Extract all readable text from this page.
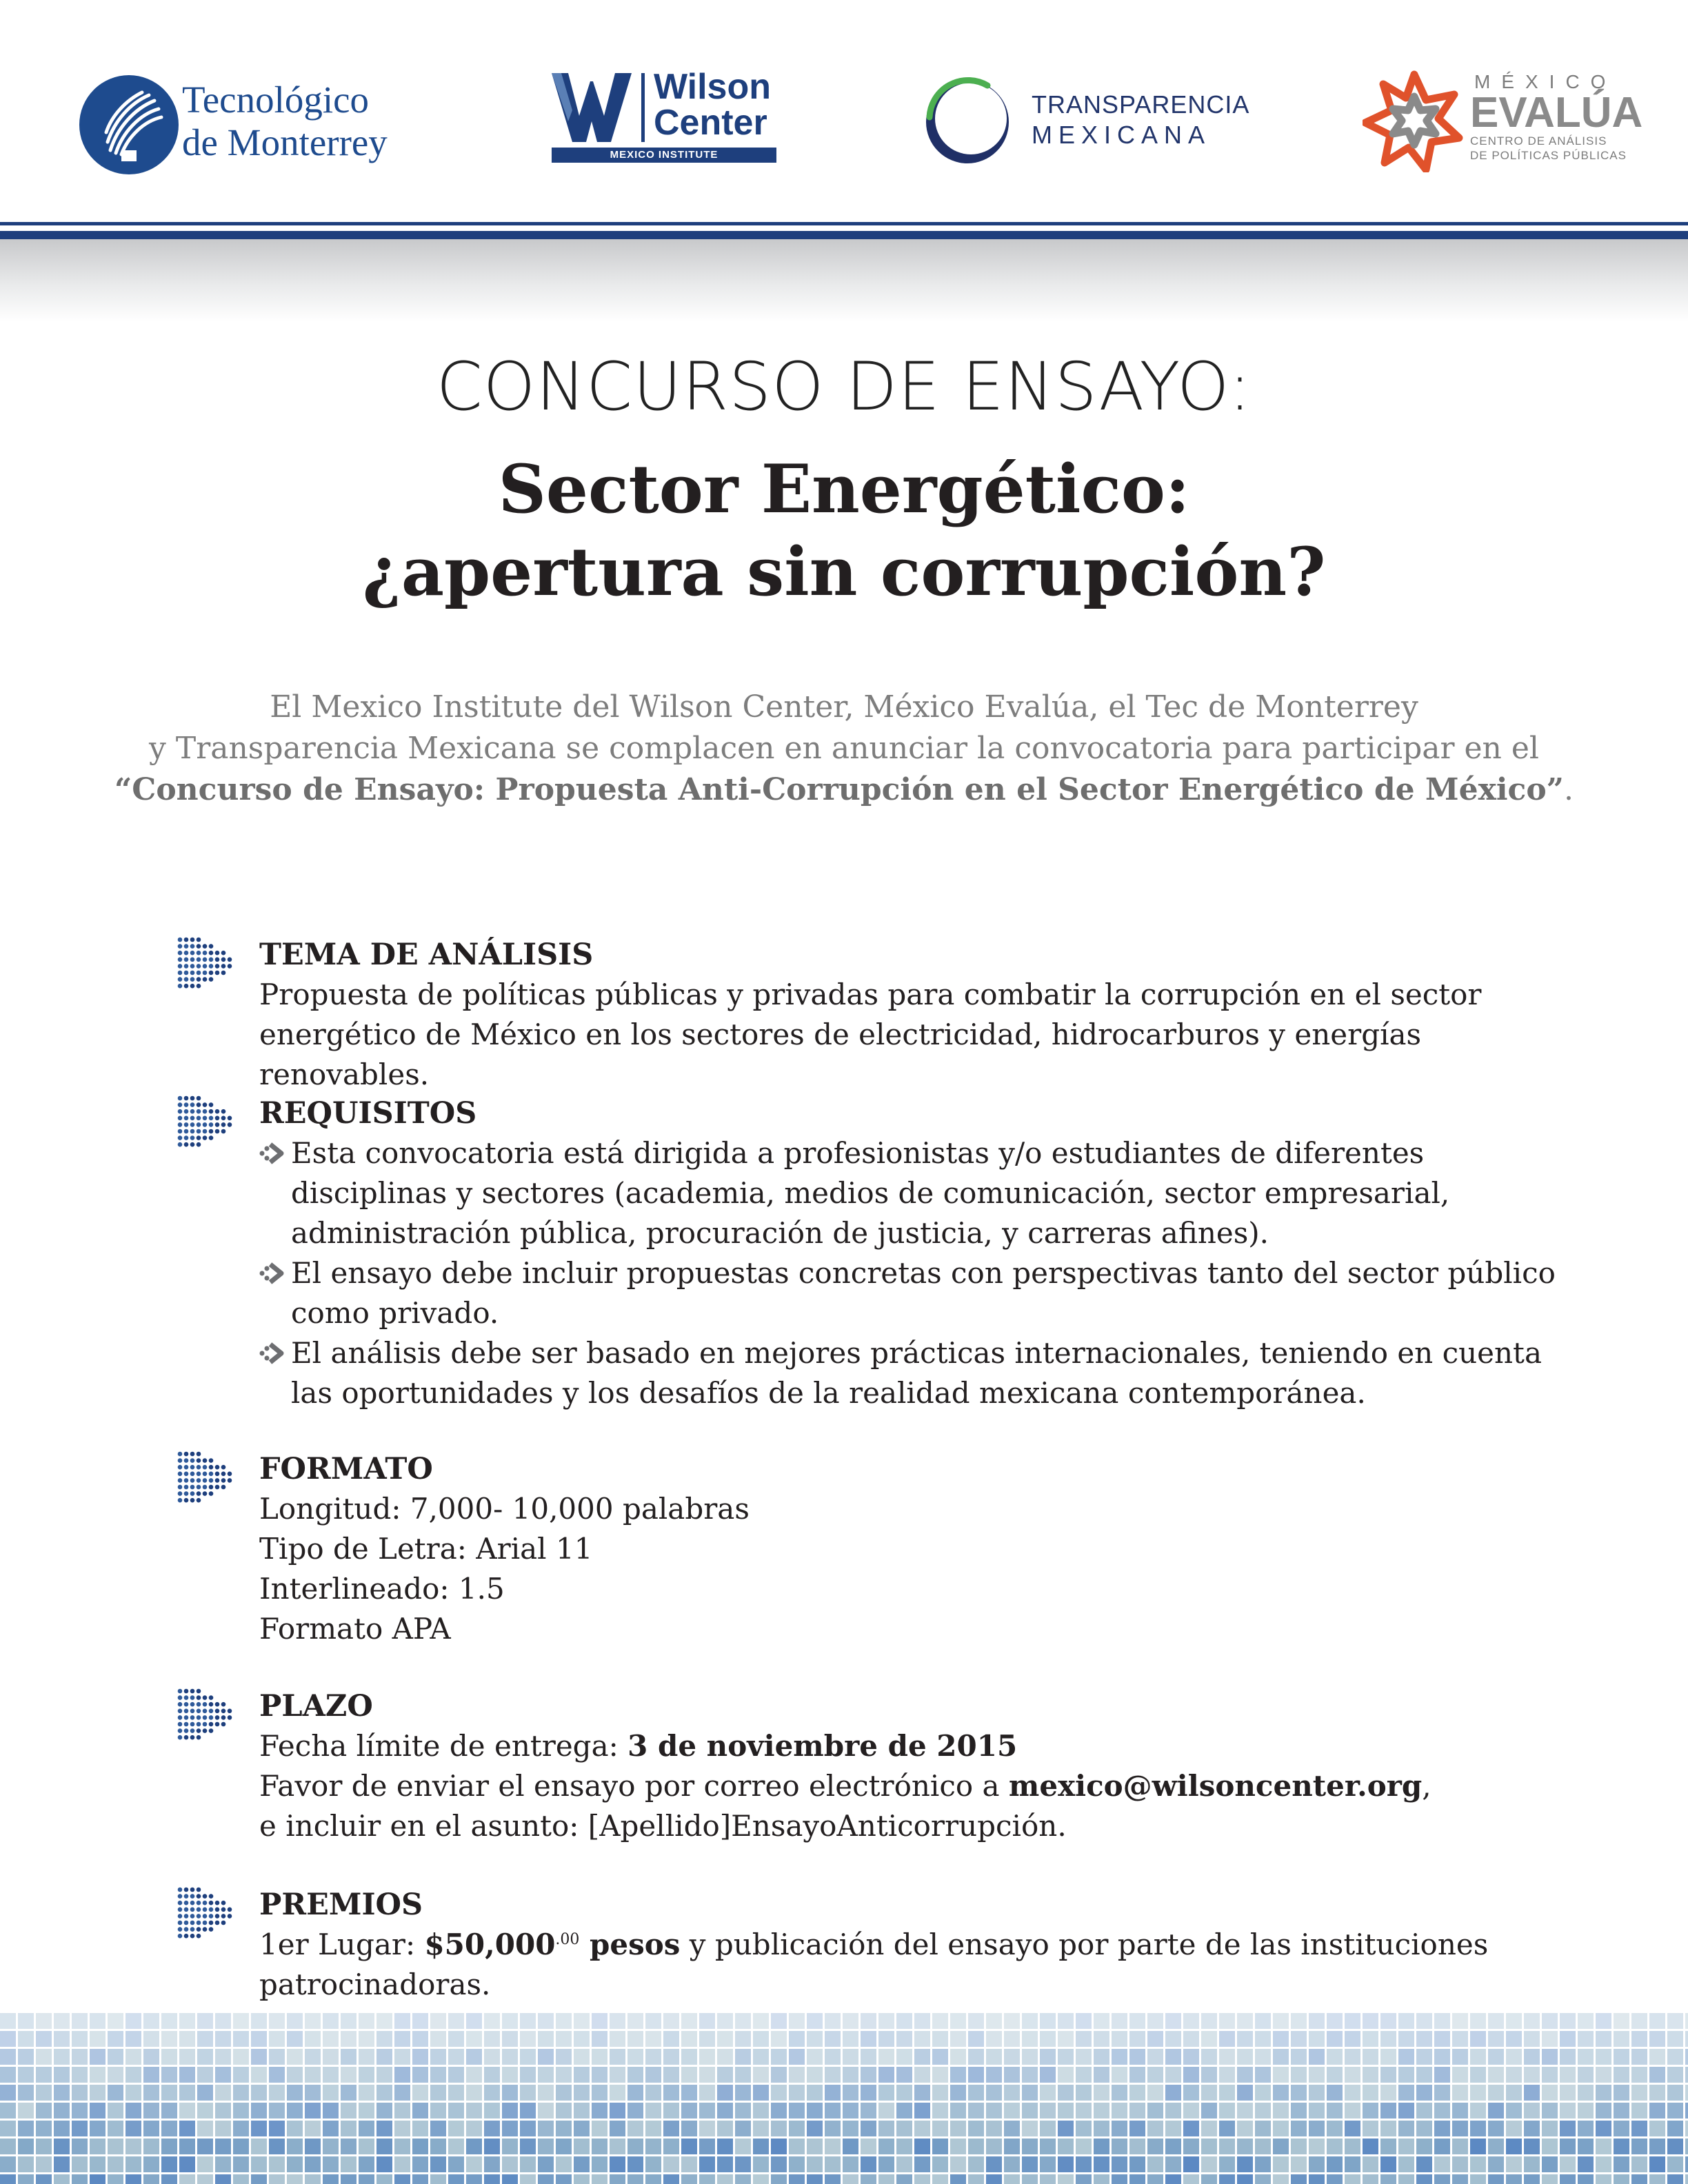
Tecnológico
de Monterrey
Wilson
Center
MEXICO INSTITUTE
TRANSPARENCIA
MEXICANA
MÉXICO
EVALÚA
CENTRO DE ANÁLISIS
DE POLÍTICAS PÚBLICAS
CONCURSO DE ENSAYO:
Sector Energético:
¿apertura sin corrupción?
El Mexico Institute del Wilson Center, México Evalúa, el Tec de Monterrey
y Transparencia Mexicana se complacen en anunciar la convocatoria para participar en el
“Concurso de Ensayo: Propuesta Anti-Corrupción en el Sector Energético de México”.
TEMA DE ANÁLISIS
Propuesta de políticas públicas y privadas para combatir la corrupción en el sector
energético de México en los sectores de electricidad, hidrocarburos y energías renovables.
REQUISITOS
Esta convocatoria está dirigida a profesionistas y/o estudiantes de diferentes
disciplinas y sectores (academia, medios de comunicación, sector empresarial,
administración pública, procuración de justicia, y carreras afines).
El ensayo debe incluir propuestas concretas con perspectivas tanto del sector público
como privado.
El análisis debe ser basado en mejores prácticas internacionales, teniendo en cuenta
las oportunidades y los desafíos de la realidad mexicana contemporánea.
FORMATO
Longitud: 7,000- 10,000 palabras
Tipo de Letra: Arial 11
Interlineado: 1.5
Formato APA
PLAZO
Fecha límite de entrega: 3 de noviembre de 2015
Favor de enviar el ensayo por correo electrónico a mexico@wilsoncenter.org,
e incluir en el asunto: [Apellido]EnsayoAnticorrupción.
PREMIOS
1er Lugar: $\$50,000^{.00}$ pesos y publicación del ensayo por parte de las instituciones
patrocinadoras.
